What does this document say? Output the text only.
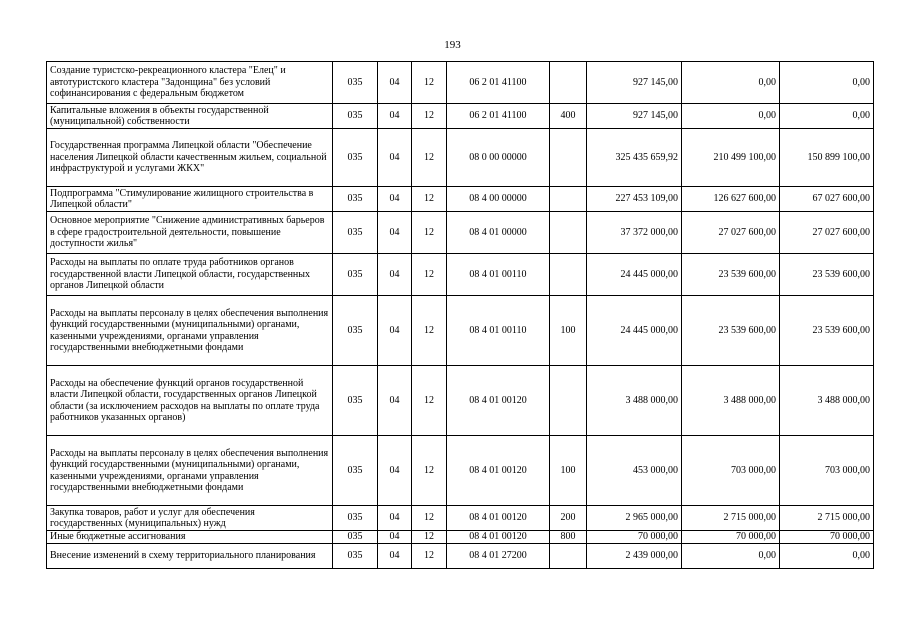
193
Создание туристско-рекреационного кластера "Елец" и автотуристского кластера "Задонщина" без условий софинансирования с федеральным бюджетом	035	04	12	06 2 01 41100		927 145,00	0,00	0,00
Капитальные вложения в объекты государственной (муниципальной) собственности	035	04	12	06 2 01 41100	400	927 145,00	0,00	0,00
Государственная программа Липецкой области "Обеспечение населения Липецкой области качественным жильем, социальной инфраструктурой и услугами ЖКХ"	035	04	12	08 0 00 00000		325 435 659,92	210 499 100,00	150 899 100,00
Подпрограмма "Стимулирование жилищного строительства в Липецкой области"	035	04	12	08 4 00 00000		227 453 109,00	126 627 600,00	67 027 600,00
Основное мероприятие "Снижение административных барьеров в сфере градостроительной деятельности, повышение доступности жилья"	035	04	12	08 4 01 00000		37 372 000,00	27 027 600,00	27 027 600,00
Расходы на выплаты по оплате труда работников органов государственной власти Липецкой области, государственных органов Липецкой области	035	04	12	08 4 01 00110		24 445 000,00	23 539 600,00	23 539 600,00
Расходы на выплаты персоналу в целях обеспечения выполнения функций государственными (муниципальными) органами, казенными учреждениями, органами управления государственными внебюджетными фондами	035	04	12	08 4 01 00110	100	24 445 000,00	23 539 600,00	23 539 600,00
Расходы на обеспечение функций органов государственной власти Липецкой области, государственных органов Липецкой области (за исключением расходов на выплаты по оплате труда работников указанных органов)	035	04	12	08 4 01 00120		3 488 000,00	3 488 000,00	3 488 000,00
Расходы на выплаты персоналу в целях обеспечения выполнения функций государственными (муниципальными) органами, казенными учреждениями, органами управления государственными внебюджетными фондами	035	04	12	08 4 01 00120	100	453 000,00	703 000,00	703 000,00
Закупка товаров, работ и услуг для обеспечения государственных (муниципальных) нужд	035	04	12	08 4 01 00120	200	2 965 000,00	2 715 000,00	2 715 000,00
Иные бюджетные ассигнования	035	04	12	08 4 01 00120	800	70 000,00	70 000,00	70 000,00
Внесение изменений в схему территориального планирования	035	04	12	08 4 01 27200		2 439 000,00	0,00	0,00
